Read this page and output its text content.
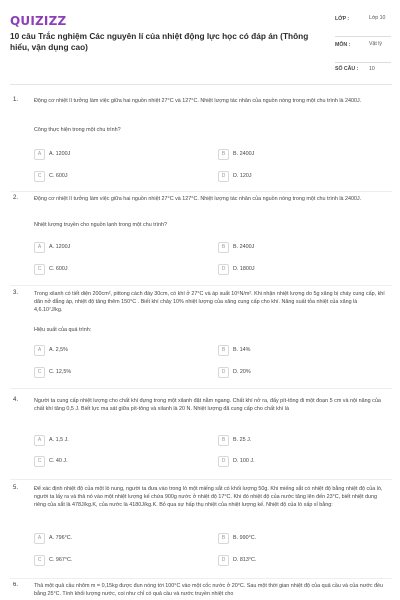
QUIZIZZ
10 câu Trắc nghiệm Các nguyên lí của nhiệt động lực học có đáp án (Thông hiểu, vận dụng cao)
LỚP :	Lớp 10
MÔN :	Vật lý
SỐ CÂU : 10
1.	Động cơ nhiệt lí tưởng làm việc giữa hai nguồn nhiệt 27°C và 127°C. Nhiệt lượng tác nhân của nguồn nóng trong một chu trình là 2400J.
Công thực hiện trong một chu trình?
A	A. 1200J	B	B. 2400J
C	C. 600J	D	D. 120J
2.	Động cơ nhiệt lí tưởng làm việc giữa hai nguồn nhiệt 27°C và 127°C. Nhiệt lượng tác nhân của nguồn nóng trong một chu trình là 2400J.
Nhiệt lượng truyền cho nguồn lạnh trong một chu trình?
A	A. 1200J	B	B. 2400J
C	C. 600J	D	D. 1800J
3.	Trong xilanh có tiết diện 200cm², pittong cách đáy 30cm, có khí ở 27°C và áp suất 10⁶N/m². Khi nhận nhiệt lượng do 5g xăng bị cháy cung cấp, khí dãn nở đẳng áp, nhiệt độ tăng thêm 150°C . Biết khí chảy 10% nhiệt lượng của xăng cung cấp cho khí. Năng suất tỏa nhiệt của xăng là 4,6.10⁷J/kg.
Hiệu suất của quá trình:
A	A. 2,5%	B	B. 14%
C	C. 12,5%	D	D. 20%
4.	Người ta cung cấp nhiệt lượng cho chất khí đựng trong một xilanh đặt nằm ngang. Chất khí nở ra, đẩy pít-tông đi một đoạn 5 cm và nội năng của chất khí tăng 0,5 J. Biết lực ma sát giữa pít-tông và xilanh là 20 N. Nhiệt lượng đã cung cấp cho chất khí là
A	A. 1,5 J.	B	B. 25 J.
C	C. 40 J.	D	D. 100 J.
5.	Để xác định nhiệt độ của một lò nung, người ta đưa vào trong lò một miếng sắt có khối lượng 50g. Khi miếng sắt có nhiệt độ bằng nhiệt độ của lò, người ta lấy ra và thả nó vào một nhiệt lượng kế chứa 900g nước ở nhiệt độ 17°C. Khi đó nhiệt độ của nước tăng lên đến 23°C, biết nhiệt dung riêng của sắt là 478J/kg.K, của nước là 4180J/kg.K. Bỏ qua sự hấp thụ nhiệt của nhiệt lượng kế. Nhiệt độ của lò xấp xỉ bằng:
A	A. 796°C.	B	B. 990°C.
C	C. 967°C.	D	D. 813°C.
6.	Thả một quả cầu nhôm m = 0,15kg được đun nóng tới 100°C vào một cốc nước ở 20°C. Sau một thời gian nhiệt độ của quả cầu và của nước đều bằng 25°C. Tính khối lượng nước, coi như chỉ có quả cầu và nước truyền nhiệt cho
